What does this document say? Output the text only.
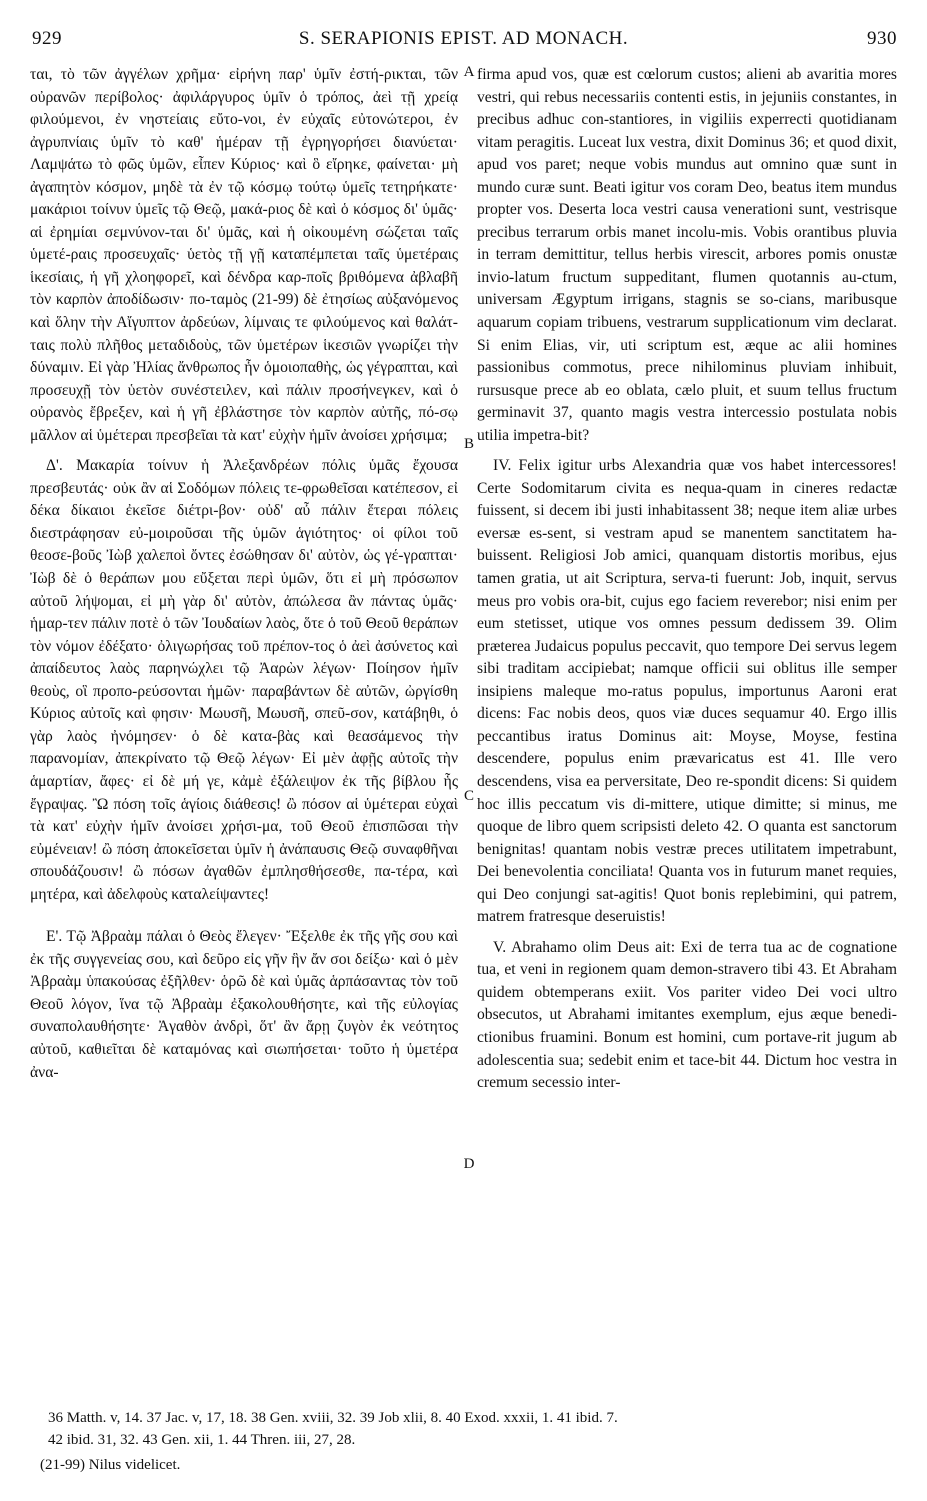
929	S. SERAPIONIS EPIST. AD MONACH.	930

ται, τὸ τῶν ἀγγέλων χρῆμα· εἰρήνη παρ' ὑμῖν ἐστή-ρικται, τῶν οὐρανῶν περίβολος· ἀφιλάργυρος ὑμῖν ὁ τρόπος, ἀεὶ τῇ χρείᾳ φιλούμενοι, ἐν νηστείαις εὔτο-νοι, ἐν εὐχαῖς εὐτονώτεροι, ἐν ἀγρυπνίαις ὑμῖν τὸ καθ' ἡμέραν τῇ ἐγρηγορήσει διανύεται· Λαμψάτω τὸ φῶς ὑμῶν, εἶπεν Κύριος· καὶ ὃ εἴρηκε, φαίνεται· μὴ ἀγαπητὸν κόσμον, μηδὲ τὰ ἐν τῷ κόσμῳ τούτῳ ὑμεῖς τετηρήκατε· μακάριοι τοίνυν ὑμεῖς τῷ Θεῷ, μακά-ριος δὲ καὶ ὁ κόσμος δι' ὑμᾶς· αἱ ἐρημίαι σεμνύνον-ται δι' ὑμᾶς, καὶ ἡ οἰκουμένη σώζεται ταῖς ὑμετέ-ραις προσευχαῖς· ὑετὸς τῇ γῇ καταπέμπεται ταῖς ὑμετέραις ἱκεσίαις, ἡ γῆ χλοηφορεῖ, καὶ δένδρα καρ-ποῖς βριθόμενα ἀβλαβῆ τὸν καρπὸν ἀποδίδωσιν· πο-ταμὸς (21-99) δὲ ἐτησίως αὐξανόμενος καὶ ὅλην τὴν Αἴγυπτον ἀρδεύων, λίμναις τε φιλούμενος καὶ θαλάτ-ταις πολὺ πλῆθος μεταδιδοὺς, τῶν ὑμετέρων ἱκεσιῶν γνωρίζει τὴν δύναμιν. Εἰ γὰρ Ἠλίας ἄνθρωπος ἦν ὁμοιοπαθὴς, ὡς γέγραπται, καὶ προσευχῇ τὸν ὑετὸν συνέστειλεν, καὶ πάλιν προσήνεγκεν, καὶ ὁ οὐρανὸς ἔβρεξεν, καὶ ἡ γῆ ἐβλάστησε τὸν καρπὸν αὐτῆς, πό-σῳ μᾶλλον αἱ ὑμέτεραι πρεσβεῖαι τὰ κατ' εὐχὴν ἡμῖν ἀνοίσει χρήσιμα;

Δ'. Μακαρία τοίνυν ἡ Ἀλεξανδρέων πόλις ὑμᾶς ἔχουσα πρεσβευτάς· οὐκ ἂν αἱ Σοδόμων πόλεις τε-φρωθεῖσαι κατέπεσον, εἰ δέκα δίκαιοι ἐκεῖσε διέτρι-βον· οὐδ' αὖ πάλιν ἕτεραι πόλεις διεστράφησαν εὐ-μοιροῦσαι τῆς ὑμῶν ἁγιότητος· οἱ φίλοι τοῦ θεοσε-βοῦς Ἰὼβ χαλεποὶ ὄντες ἐσώθησαν δι' αὐτὸν, ὡς γέ-γραπται· Ἰὼβ δὲ ὁ θεράπων μου εὔξεται περὶ ὑμῶν, ὅτι εἰ μὴ πρόσωπον αὐτοῦ λήψομαι, εἰ μὴ γὰρ δι' αὐτὸν, ἀπώλεσα ἂν πάντας ὑμᾶς· ἡμαρ-τεν πάλιν ποτὲ ὁ τῶν Ἰουδαίων λαὸς, ὅτε ὁ τοῦ Θεοῦ θεράπων τὸν νόμον ἐδέξατο· ὀλιγωρήσας τοῦ πρέπον-τος ὁ ἀεὶ ἀσύνετος καὶ ἀπαίδευτος λαὸς παρηνώχλει τῷ Ἀαρὼν λέγων· Ποίησον ἡμῖν θεοὺς, οἳ προπο-ρεύσονται ἡμῶν· παραβάντων δὲ αὐτῶν, ὠργίσθη Κύριος αὐτοῖς καὶ φησιν· Μωυσῆ, Μωυσῆ, σπεῦ-σον, κατάβηθι, ὁ γὰρ λαὸς ἠνόμησεν· ὁ δὲ κατα-βὰς καὶ θεασάμενος τὴν παρανομίαν, ἀπεκρίνατο τῷ Θεῷ λέγων· Εἰ μὲν ἀφῇς αὐτοῖς τὴν ἁμαρτίαν, ἄφες· εἰ δὲ μή γε, κἀμὲ ἐξάλειψον ἐκ τῆς βίβλου ἧς ἔγραψας. Ὢ πόση τοῖς ἁγίοις διάθεσις! ὢ πόσον αἱ ὑμέτεραι εὐχαὶ τὰ κατ' εὐχὴν ἡμῖν ἀνοίσει χρήσι-μα, τοῦ Θεοῦ ἐπισπῶσαι τὴν εὐμένειαν! ὢ πόση ἀποκεῖσεται ὑμῖν ἡ ἀνάπαυσις Θεῷ συναφθῆναι σπουδάζουσιν! ὢ πόσων ἀγαθῶν ἐμπλησθήσεσθε, πα-τέρα, καὶ μητέρα, καὶ ἀδελφοὺς καταλείψαντες!

Ε'. Τῷ Ἀβραὰμ πάλαι ὁ Θεὸς ἔλεγεν· Ἔξελθε ἐκ τῆς γῆς σου καὶ ἐκ τῆς συγγενείας σου, καὶ δεῦρο εἰς γῆν ἣν ἄν σοι δείξω· καὶ ὁ μὲν Ἀβραὰμ ὑπακούσας ἐξῆλθεν· ὁρῶ δὲ καὶ ὑμᾶς ἁρπάσαντας τὸν τοῦ Θεοῦ λόγον, ἵνα τῷ Ἀβραὰμ ἐξακολουθήσητε, καὶ τῆς εὐλογίας συναπολαυθήσητε· Ἀγαθὸν ἀνδρὶ, ὅτ' ἂν ἄρῃ ζυγὸν ἐκ νεότητος αὐτοῦ, καθιεῖται δὲ καταμόνας καὶ σιωπήσεται· τοῦτο ἡ ὑμετέρα ἀνα-

A
B
C
D

firma apud vos, quæ est cœlorum custos; alieni ab avaritia mores vestri, qui rebus necessariis contenti estis, in jejuniis constantes, in precibus adhuc con-stantiores, in vigiliis experrecti quotidianam vitam peragitis. Luceat lux vestra, dixit Dominus 36; et quod dixit, apud vos paret; neque vobis mundus aut omnino quæ sunt in mundo curæ sunt. Beati igitur vos coram Deo, beatus item mundus propter vos. Deserta loca vestri causa venerationi sunt, vestrisque precibus terrarum orbis manet incolu-mis. Vobis orantibus pluvia in terram demittitur, tellus herbis virescit, arbores pomis onustæ invio-latum fructum suppeditant, flumen quotannis au-ctum, universam Ægyptum irrigans, stagnis se so-cians, maribusque aquarum copiam tribuens, vestrarum supplicationum vim declarat. Si enim Elias, vir, uti scriptum est, æque ac alii homines passionibus commotus, prece nihilominus pluviam inhibuit, rursusque prece ab eo oblata, cælo pluit, et suum tellus fructum germinavit 37, quanto magis vestra intercessio postulata nobis utilia impetra-bit?

IV. Felix igitur urbs Alexandria quæ vos habet intercessores! Certe Sodomitarum civita es nequa-quam in cineres redactæ fuissent, si decem ibi justi inhabitassent 38; neque item aliæ urbes eversæ es-sent, si vestram apud se manentem sanctitatem ha-buissent. Religiosi Job amici, quanquam distortis moribus, ejus tamen gratia, ut ait Scriptura, serva-ti fuerunt: Job, inquit, servus meus pro vobis ora-bit, cujus ego faciem reverebor; nisi enim per eum stetisset, utique vos omnes pessum dedissem 39. Olim præterea Judaicus populus peccavit, quo tempore Dei servus legem sibi traditam accipiebat; namque officii sui oblitus ille semper insipiens maleque mo-ratus populus, importunus Aaroni erat dicens: Fac nobis deos, quos viæ duces sequamur 40. Ergo illis peccantibus iratus Dominus ait: Moyse, Moyse, festina descendere, populus enim prævaricatus est 41. Ille vero descendens, visa ea perversitate, Deo re-spondit dicens: Si quidem hoc illis peccatum vis di-mittere, utique dimitte; si minus, me quoque de libro quem scripsisti deleto 42. O quanta est sanctorum benignitas! quantam nobis vestræ preces utilitatem impetrabunt, Dei benevolentia conciliata! Quanta vos in futurum manet requies, qui Deo conjungi sat-agitis! Quot bonis replebimini, qui patrem, matrem fratresque deseruistis!

V. Abrahamo olim Deus ait: Exi de terra tua ac de cognatione tua, et veni in regionem quam demon-stravero tibi 43. Et Abraham quidem obtemperans exiit. Vos pariter video Dei voci ultro obsecutos, ut Abrahami imitantes exemplum, ejus æque benedi-ctionibus fruamini. Bonum est homini, cum portave-rit jugum ab adolescentia sua; sedebit enim et tace-bit 44. Dictum hoc vestra in cremum secessio inter-

36 Matth. v, 14. 37 Jac. v, 17, 18. 38 Gen. xviii, 32. 39 Job xlii, 8. 40 Exod. xxxii, 1. 41 ibid. 7.
42 ibid. 31, 32. 43 Gen. xii, 1. 44 Thren. iii, 27, 28.
(21-99) Nilus videlicet.
